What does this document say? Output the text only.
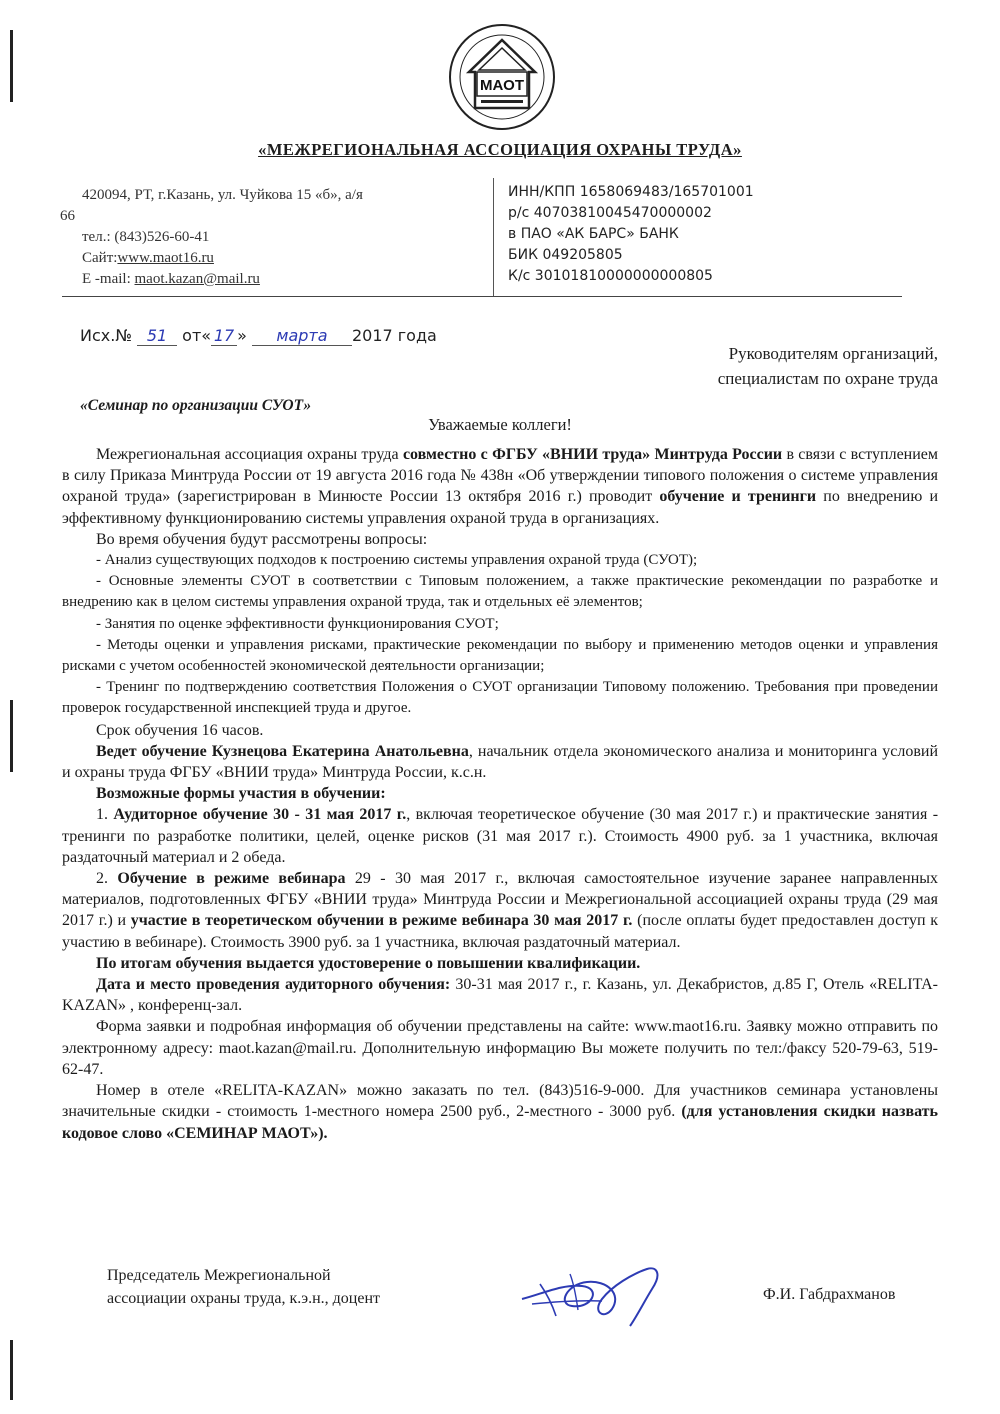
МАОТ
«МЕЖРЕГИОНАЛЬНАЯ АССОЦИАЦИЯ ОХРАНЫ ТРУДА»
420094, РТ, г.Казань, ул. Чуйкова 15 «б», а/я
66
тел.: (843)526-60-41
Сайт:www.maot16.ru
E -mail: maot.kazan@mail.ru
ИНН/КПП 1658069483/165701001
р/с 40703810045470000002
в ПАО «АК БАРС» БАНК
БИК 049205805
К/с 30101810000000000805
Исх.№ 51 от« 17 » марта 2017 года
Руководителям организаций,
специалистам по охране труда
«Семинар по организации СУОТ»
Уважаемые коллеги!

Межрегиональная ассоциация охраны труда совместно с ФГБУ «ВНИИ труда» Минтруда России в связи с вступлением в силу Приказа Минтруда России от 19 августа 2016 года № 438н «Об утверждении типового положения о системе управления охраной труда» (зарегистрирован в Минюсте России 13 октября 2016 г.) проводит обучение и тренинги по внедрению и эффективному функционированию системы управления охраной труда в организациях.

Во время обучения будут рассмотрены вопросы:

- Анализ существующих подходов к построению системы управления охраной труда (СУОТ);

- Основные элементы СУОТ в соответствии с Типовым положением, а также практические рекомендации по разработке и внедрению как в целом системы управления охраной труда, так и отдельных её элементов;

- Занятия по оценке эффективности функционирования СУОТ;

- Методы оценки и управления рисками, практические рекомендации по выбору и применению методов оценки и управления рисками с учетом особенностей экономической деятельности организации;

- Тренинг по подтверждению соответствия Положения о СУОТ организации Типовому положению. Требования при проведении проверок государственной инспекцией труда и другое.

Срок обучения 16 часов.

Ведет обучение Кузнецова Екатерина Анатольевна, начальник отдела экономического анализа и мониторинга условий и охраны труда ФГБУ «ВНИИ труда» Минтруда России, к.с.н.

Возможные формы участия в обучении:

1. Аудиторное обучение 30 - 31 мая 2017 г., включая теоретическое обучение (30 мая 2017 г.) и практические занятия - тренинги по разработке политики, целей, оценке рисков (31 мая 2017 г.). Стоимость 4900 руб. за 1 участника, включая раздаточный материал и 2 обеда.

2. Обучение в режиме вебинара 29 - 30 мая 2017 г., включая самостоятельное изучение заранее направленных материалов, подготовленных ФГБУ «ВНИИ труда» Минтруда России и Межрегиональной ассоциацией охраны труда (29 мая 2017 г.) и участие в теоретическом обучении в режиме вебинара 30 мая 2017 г. (после оплаты будет предоставлен доступ к участию в вебинаре). Стоимость 3900 руб. за 1 участника, включая раздаточный материал.

По итогам обучения выдается удостоверение о повышении квалификации.

Дата и место проведения аудиторного обучения: 30-31 мая 2017 г., г. Казань, ул. Декабристов, д.85 Г, Отель «RELITA-KAZAN» , конференц-зал.

Форма заявки и подробная информация об обучении представлены на сайте: www.maot16.ru. Заявку можно отправить по электронному адресу: maot.kazan@mail.ru. Дополнительную информацию Вы можете получить по тел:/факсу 520-79-63, 519-62-47.

Номер в отеле «RELITA-KAZAN» можно заказать по тел. (843)516-9-000. Для участников семинара установлены значительные скидки - стоимость 1-местного номера 2500 руб., 2-местного - 3000 руб. (для установления скидки назвать кодовое слово «СЕМИНАР МАОТ»).

Председатель Межрегиональной
ассоциации охраны труда, к.э.н., доцент	Ф.И. Габдрахманов
